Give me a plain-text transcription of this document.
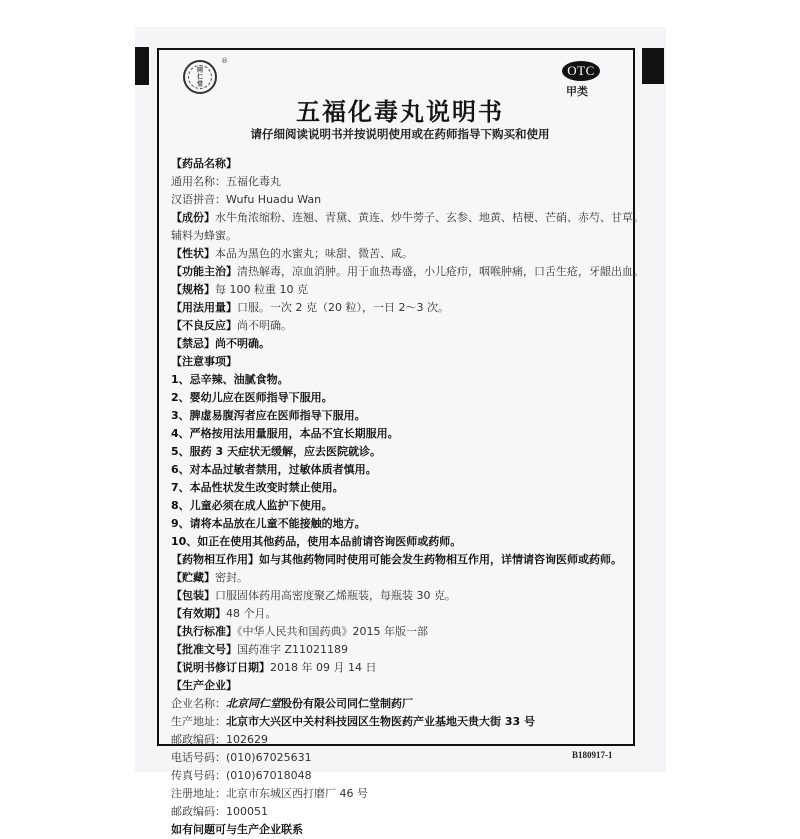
同
仁
堂
®
OTC
甲类
五福化毒丸说明书
请仔细阅读说明书并按说明使用或在药师指导下购买和使用
【药品名称】
通用名称：五福化毒丸
汉语拼音：Wufu Huadu Wan
【成份】水牛角浓缩粉、连翘、青黛、黄连、炒牛蒡子、玄参、地黄、桔梗、芒硝、赤芍、甘草。
辅料为蜂蜜。
【性状】本品为黑色的水蜜丸；味甜、微苦、咸。
【功能主治】清热解毒，凉血消肿。用于血热毒盛，小儿疮疖，咽喉肿痛，口舌生疮，牙龈出血。
【规格】每 100 粒重 10 克
【用法用量】口服。一次 2 克（20 粒），一日 2～3 次。
【不良反应】尚不明确。
【禁忌】尚不明确。
【注意事项】
1、忌辛辣、油腻食物。
2、婴幼儿应在医师指导下服用。
3、脾虚易腹泻者应在医师指导下服用。
4、严格按用法用量服用，本品不宜长期服用。
5、服药 3 天症状无缓解，应去医院就诊。
6、对本品过敏者禁用，过敏体质者慎用。
7、本品性状发生改变时禁止使用。
8、儿童必须在成人监护下使用。
9、请将本品放在儿童不能接触的地方。
10、如正在使用其他药品，使用本品前请咨询医师或药师。
【药物相互作用】如与其他药物同时使用可能会发生药物相互作用，详情请咨询医师或药师。
【贮藏】密封。
【包装】口服固体药用高密度聚乙烯瓶装，每瓶装 30 克。
【有效期】48 个月。
【执行标准】《中华人民共和国药典》2015 年版一部
【批准文号】国药准字 Z11021189
【说明书修订日期】2018 年 09 月 14 日
【生产企业】
企业名称：北京同仁堂股份有限公司同仁堂制药厂
生产地址：北京市大兴区中关村科技园区生物医药产业基地天贵大街 33 号
邮政编码：102629
电话号码：(010)67025631
传真号码：(010)67018048
注册地址：北京市东城区西打磨厂 46 号
邮政编码：100051
如有问题可与生产企业联系
B180917-1
